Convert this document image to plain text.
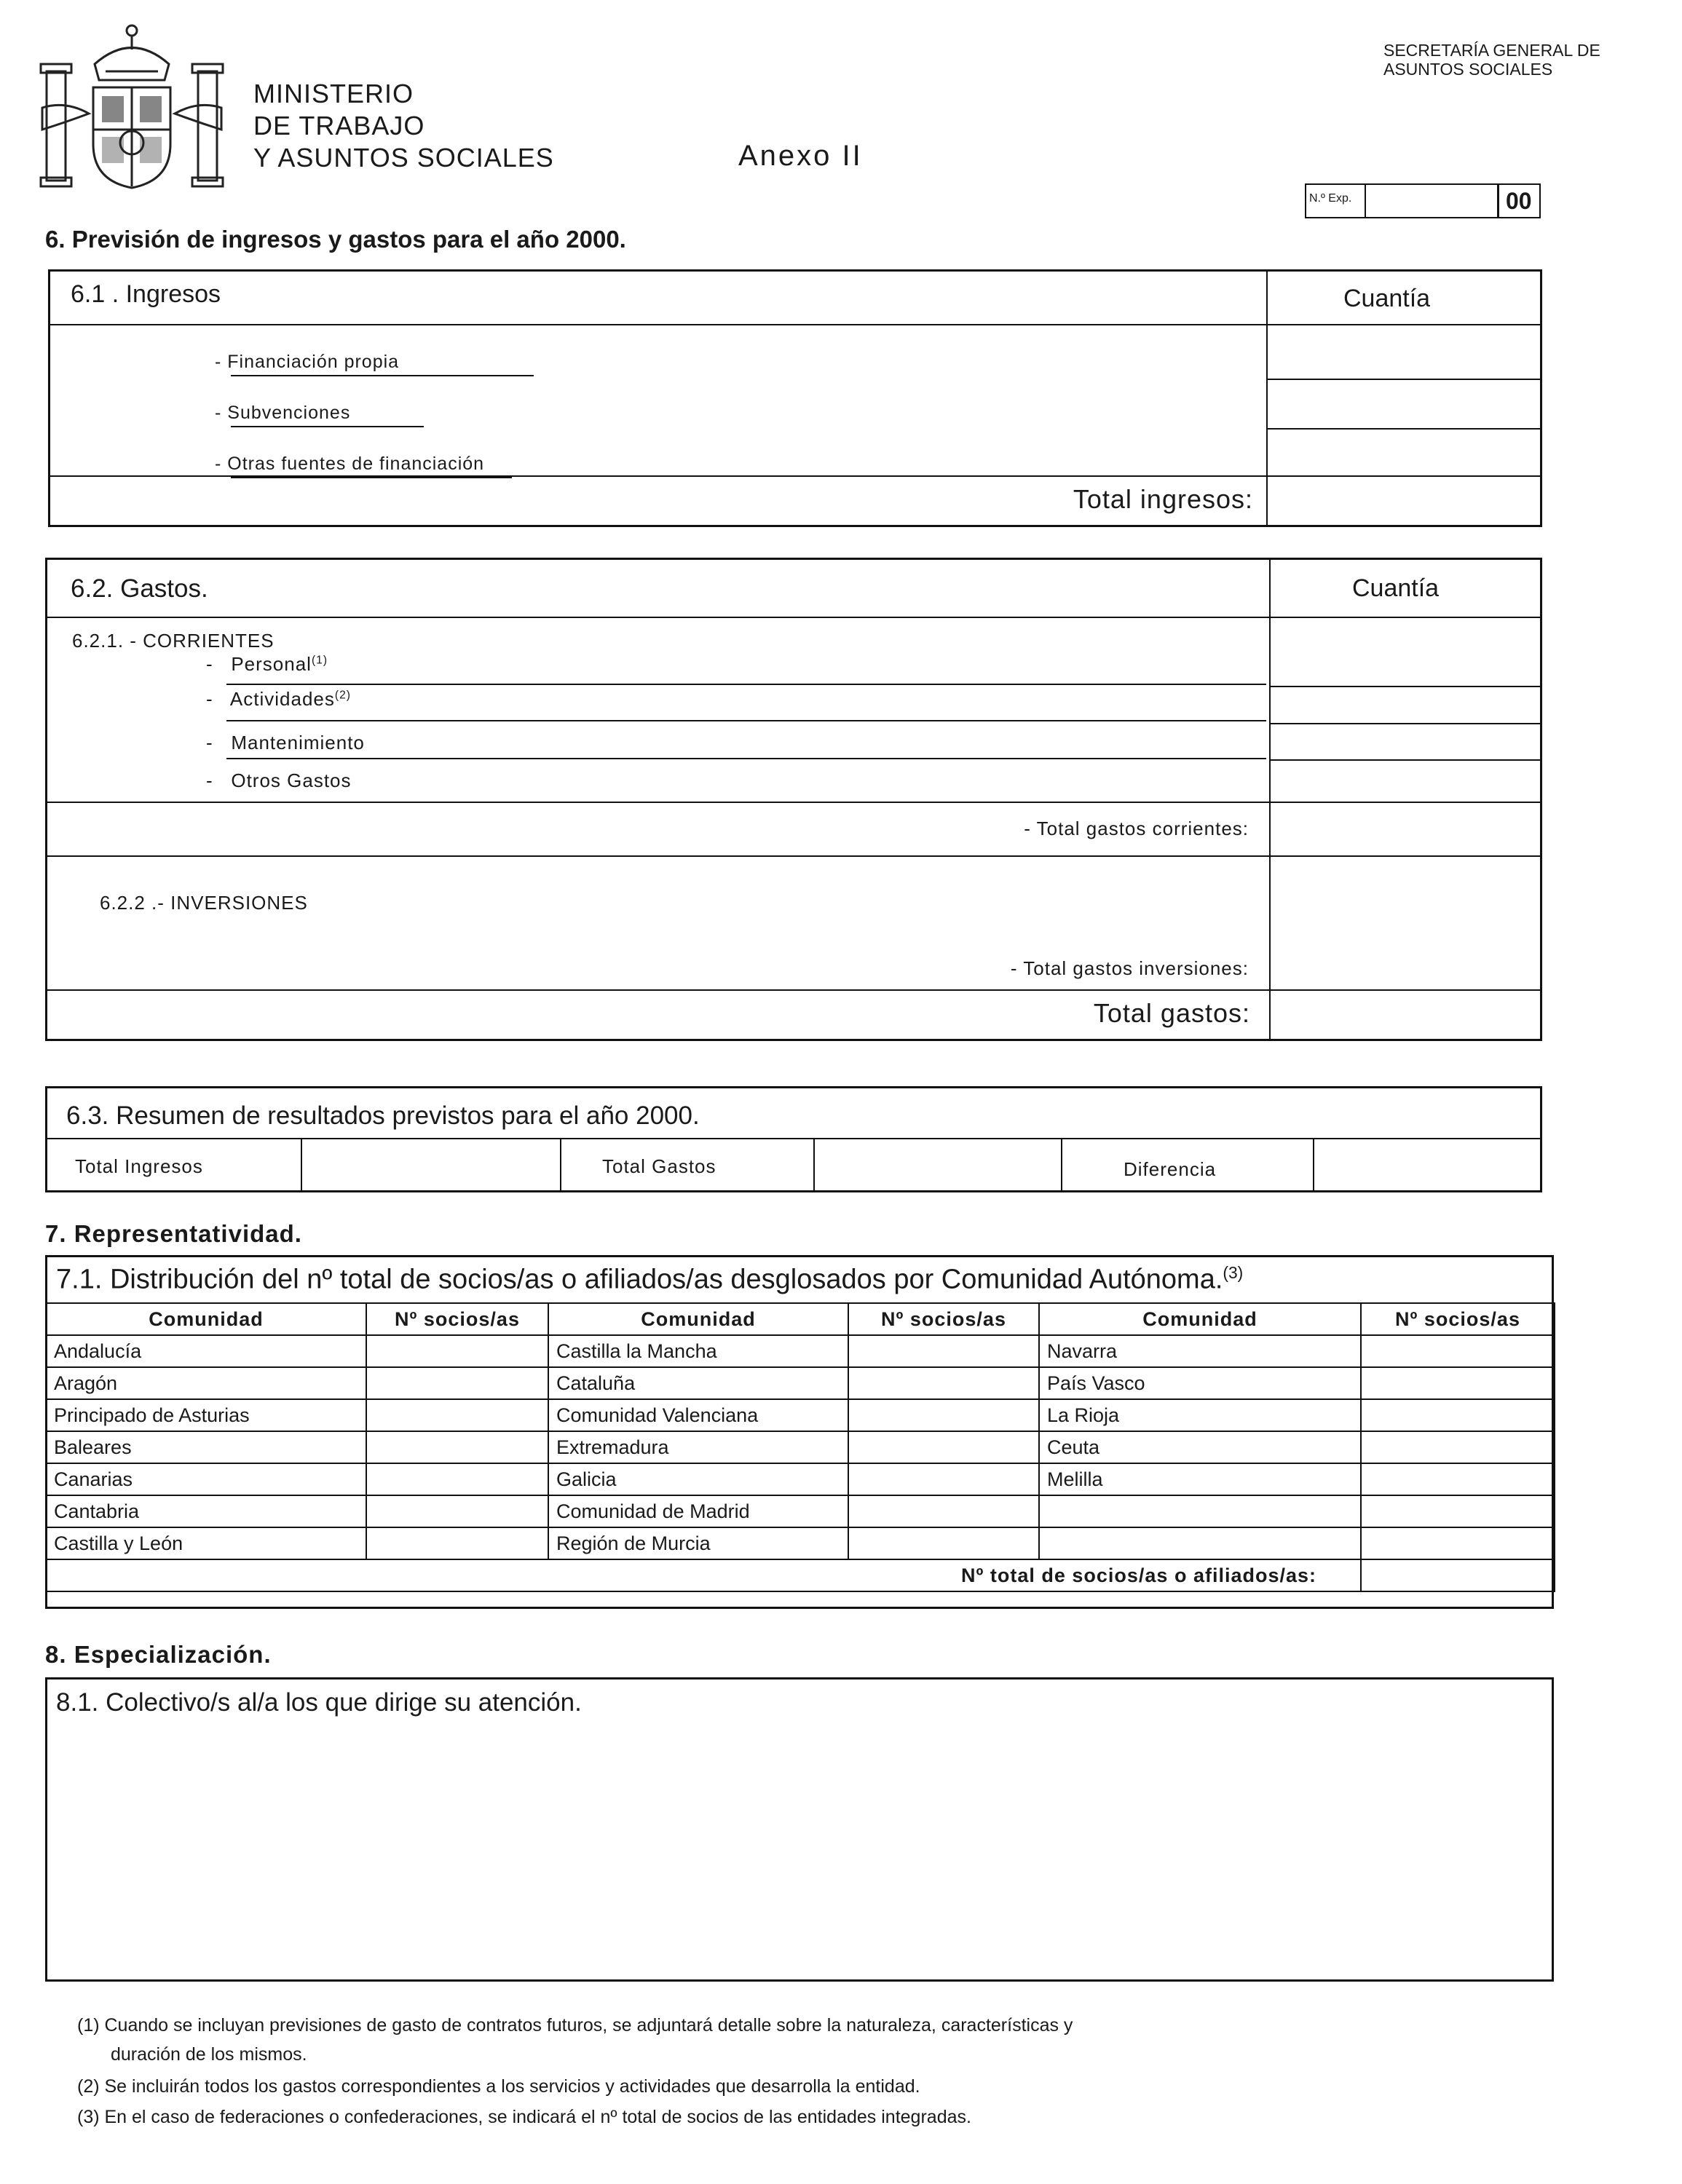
MINISTERIO
DE TRABAJO
Y ASUNTOS SOCIALES	Anexo II
SECRETARÍA GENERAL DE
ASUNTOS SOCIALES
N.º Exp.	00
6. Previsión de ingresos y gastos para el año 2000.
6.1 . Ingresos	Cuantía
- Financiación propia
- Subvenciones
- Otras fuentes de financiación
Total ingresos:
6.2. Gastos.	Cuantía
6.2.1. - CORRIENTES
- Personal$^{(1)}$
- Actividades$^{(2)}$
- Mantenimiento
- Otros Gastos
- Total gastos corrientes:
6.2.2 .- INVERSIONES
- Total gastos inversiones:
Total gastos:
6.3. Resumen de resultados previstos para el año 2000.
Total Ingresos	Total Gastos	Diferencia
7. Representatividad.
7.1. Distribución del nº total de socios/as o afiliados/as desglosados por Comunidad Autónoma.$^{(3)}$
Comunidad	Nº socios/as	Comunidad	Nº socios/as	Comunidad	Nº socios/as
Andalucía		Castilla la Mancha		Navarra	
Aragón		Cataluña		País Vasco	
Principado de Asturias		Comunidad Valenciana		La Rioja	
Baleares		Extremadura		Ceuta	
Canarias		Galicia		Melilla	
Cantabria		Comunidad de Madrid			
Castilla y León		Región de Murcia			
Nº total de socios/as o afiliados/as:					
8. Especialización.
8.1. Colectivo/s al/a los que dirige su atención.
(1) Cuando se incluyan previsiones de gasto de contratos futuros, se adjuntará detalle sobre la naturaleza, características y
duración de los mismos.
(2) Se incluirán todos los gastos correspondientes a los servicios y actividades que desarrolla la entidad.
(3) En el caso de federaciones o confederaciones, se indicará el nº total de socios de las entidades integradas.
